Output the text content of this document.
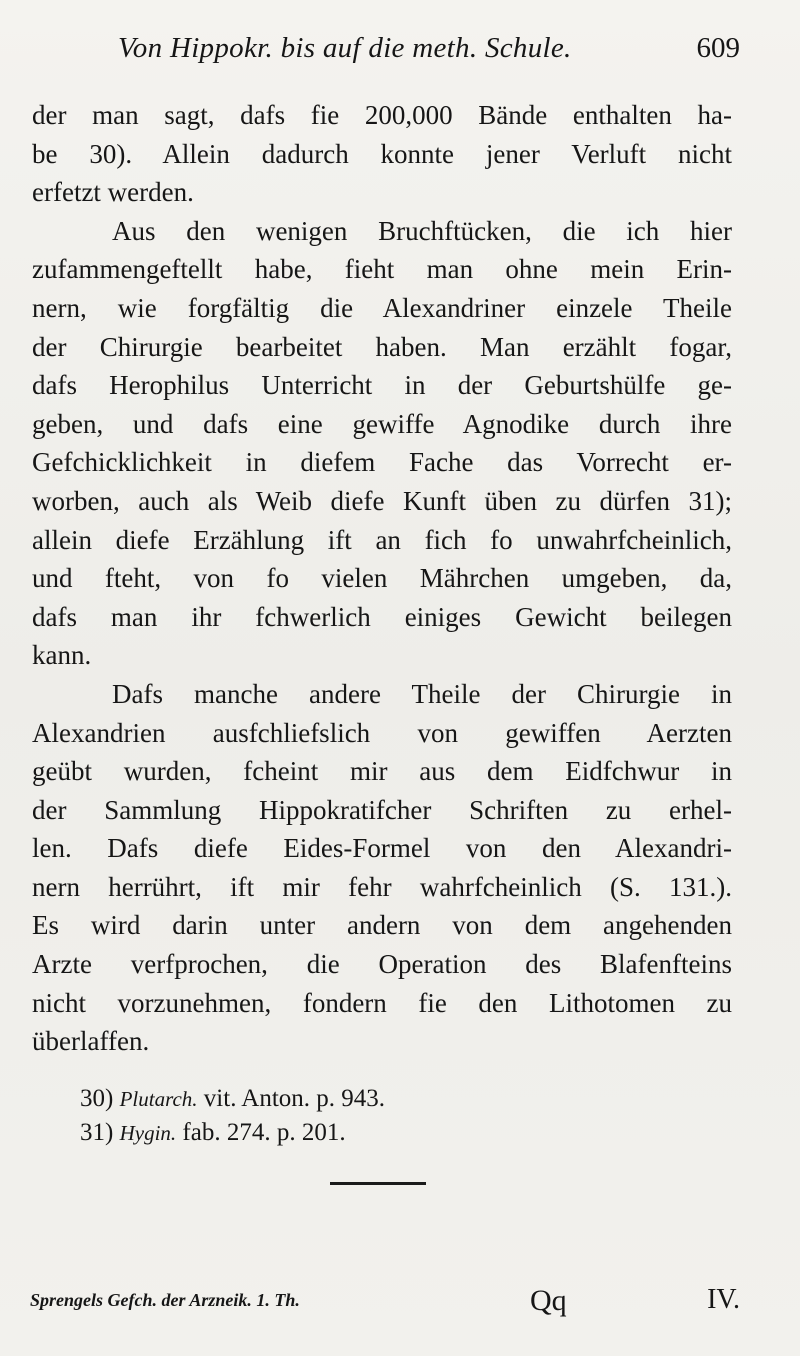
Von Hippokr. bis auf die meth. Schule.	609
der man sagt, dafs fie 200,000 Bände enthalten ha-
be 30). Allein dadurch konnte jener Verluft nicht
erfetzt werden.
Aus den wenigen Bruchftücken, die ich hier
zufammengeftellt habe, fieht man ohne mein Erin-
nern, wie forgfältig die Alexandriner einzele Theile
der Chirurgie bearbeitet haben. Man erzählt fogar,
dafs Herophilus Unterricht in der Geburtshülfe ge-
geben, und dafs eine gewiffe Agnodike durch ihre
Gefchicklichkeit in diefem Fache das Vorrecht er-
worben, auch als Weib diefe Kunft üben zu dürfen 31);
allein diefe Erzählung ift an fich fo unwahrfcheinlich,
und fteht, von fo vielen Mährchen umgeben, da,
dafs man ihr fchwerlich einiges Gewicht beilegen
kann.
Dafs manche andere Theile der Chirurgie in
Alexandrien ausfchliefslich von gewiffen Aerzten
geübt wurden, fcheint mir aus dem Eidfchwur in
der Sammlung Hippokratifcher Schriften zu erhel-
len. Dafs diefe Eides-Formel von den Alexandri-
nern herrührt, ift mir fehr wahrfcheinlich (S. 131.).
Es wird darin unter andern von dem angehenden
Arzte verfprochen, die Operation des Blafenfteins
nicht vorzunehmen, fondern fie den Lithotomen zu
überlaffen.
30) Plutarch. vit. Anton. p. 943.
31) Hygin. fab. 274. p. 201.
Sprengels Gefch. der Arzneik. 1. Th.	Qq	IV.
